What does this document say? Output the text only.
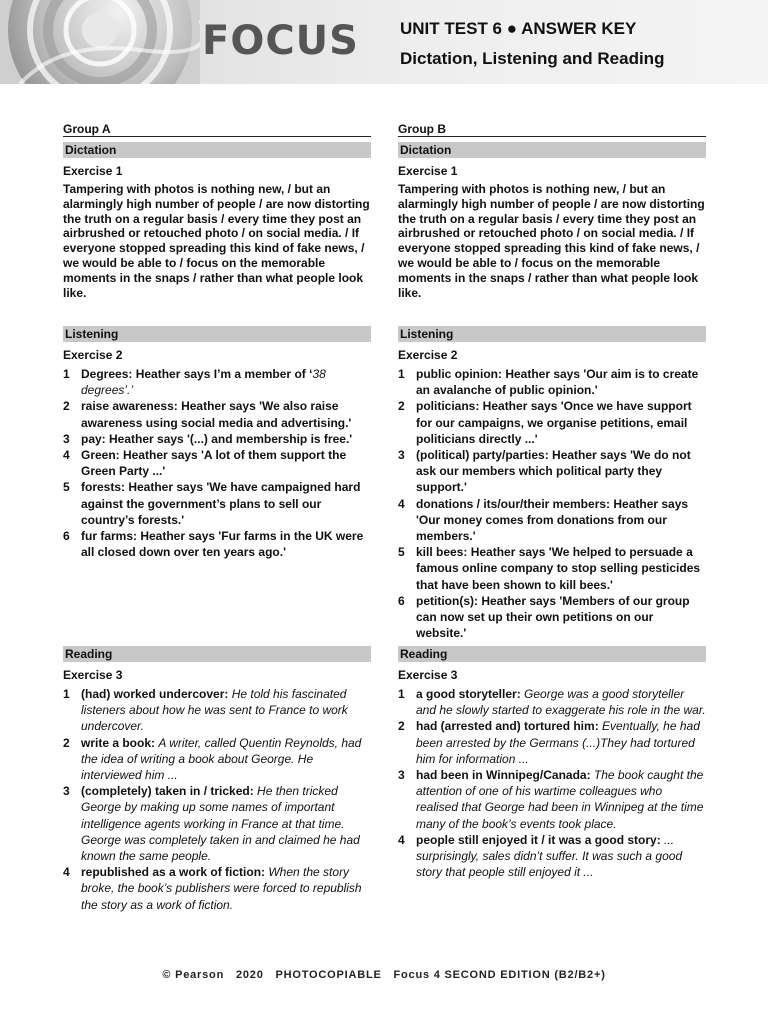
FOCUS UNIT TEST 6 ● ANSWER KEY
Dictation, Listening and Reading
Group A
Dictation
Exercise 1
Tampering with photos is nothing new, / but an alarmingly high number of people / are now distorting the truth on a regular basis / every time they post an airbrushed or retouched photo / on social media. / If everyone stopped spreading this kind of fake news, / we would be able to / focus on the memorable moments in the snaps / rather than what people look like.
Listening
Exercise 2
1 Degrees: Heather says I’m a member of ‘38 degrees’.’
2 raise awareness: Heather says 'We also raise awareness using social media and advertising.'
3 pay: Heather says '(...) and membership is free.'
4 Green: Heather says 'A lot of them support the Green Party ...'
5 forests: Heather says 'We have campaigned hard against the government’s plans to sell our country’s forests.'
6 fur farms: Heather says 'Fur farms in the UK were all closed down over ten years ago.'
Reading
Exercise 3
1 (had) worked undercover: He told his fascinated listeners about how he was sent to France to work undercover.
2 write a book: A writer, called Quentin Reynolds, had the idea of writing a book about George. He interviewed him ...
3 (completely) taken in / tricked: He then tricked George by making up some names of important intelligence agents working in France at that time. George was completely taken in and claimed he had known the same people.
4 republished as a work of fiction: When the story broke, the book’s publishers were forced to republish the story as a work of fiction.
Group B
Dictation
Exercise 1
Tampering with photos is nothing new, / but an alarmingly high number of people / are now distorting the truth on a regular basis / every time they post an airbrushed or retouched photo / on social media. / If everyone stopped spreading this kind of fake news, / we would be able to / focus on the memorable moments in the snaps / rather than what people look like.
Listening
Exercise 2
1 public opinion: Heather says 'Our aim is to create an avalanche of public opinion.'
2 politicians: Heather says 'Once we have support for our campaigns, we organise petitions, email politicians directly ...'
3 (political) party/parties: Heather says 'We do not ask our members which political party they support.'
4 donations / its/our/their members: Heather says 'Our money comes from donations from our members.'
5 kill bees: Heather says 'We helped to persuade a famous online company to stop selling pesticides that have been shown to kill bees.'
6 petition(s): Heather says 'Members of our group can now set up their own petitions on our website.'
Reading
Exercise 3
1 a good storyteller: George was a good storyteller and he slowly started to exaggerate his role in the war.
2 had (arrested and) tortured him: Eventually, he had been arrested by the Germans (...)They had tortured him for information ...
3 had been in Winnipeg/Canada: The book caught the attention of one of his wartime colleagues who realised that George had been in Winnipeg at the time many of the book’s events took place.
4 people still enjoyed it / it was a good story: ... surprisingly, sales didn’t suffer. It was such a good story that people still enjoyed it ...
© Pearson 2020 PHOTOCOPIABLE Focus 4 SECOND EDITION (B2/B2+)
